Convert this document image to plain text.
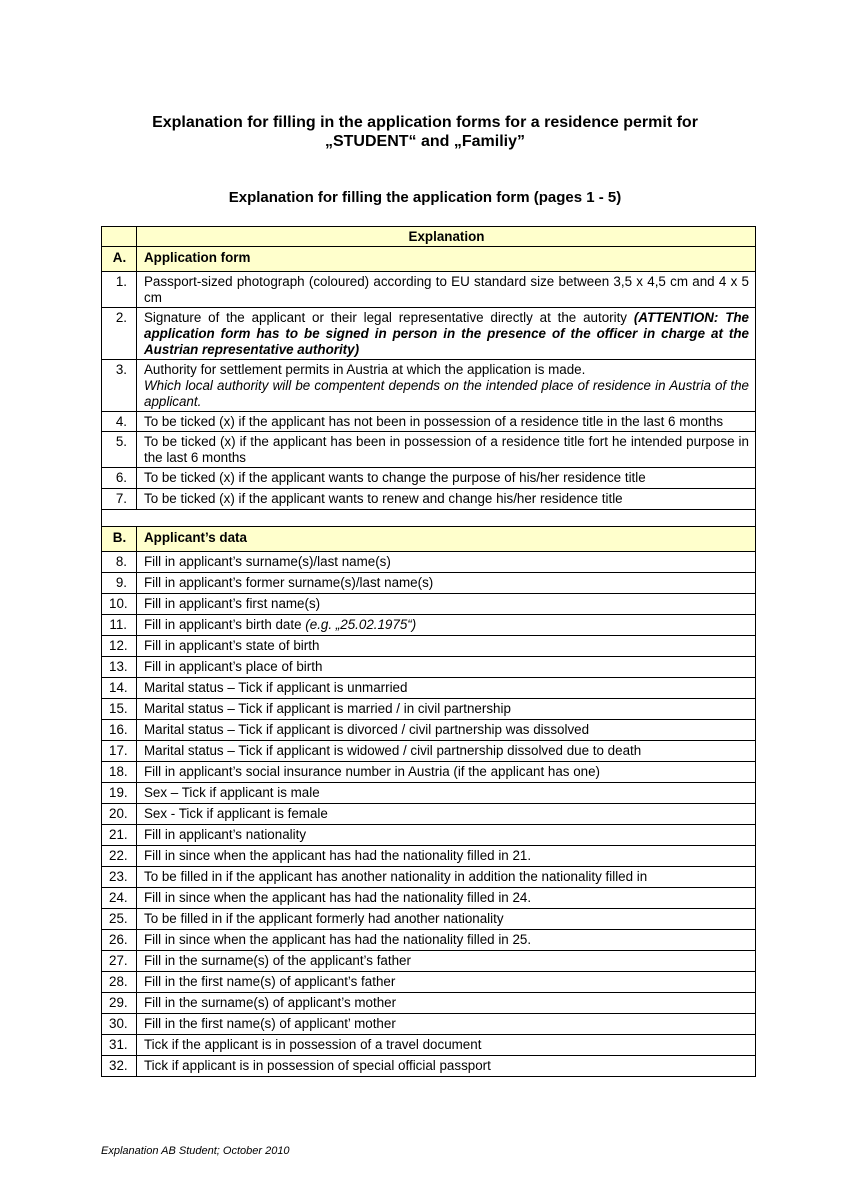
Explanation for filling in the application forms for a residence permit for
„STUDENT“ and „Familiy”
Explanation for filling the application form (pages 1 - 5)
	Explanation
A.	Application form
1.	Passport-sized photograph (coloured) according to EU standard size between 3,5 x 4,5 cm and 4 x 5 cm
2.	Signature of the applicant or their legal representative directly at the autority (ATTENTION: The application form has to be signed in person in the presence of the officer in charge at the Austrian representative authority)
3.	Authority for settlement permits in Austria at which the application is made.
Which local authority will be compentent depends on the intended place of residence in Austria of the applicant.

4.	To be ticked (x) if the applicant has not been in possession of a residence title in the last 6 months
5.	To be ticked (x) if the applicant has been in possession of a residence title fort he intended purpose in the last 6 months
6.	To be ticked (x) if the applicant wants to change the purpose of his/her residence title
7.	To be ticked (x) if the applicant wants to renew and change his/her residence title

B.	Applicant’s data
8.	Fill in applicant’s surname(s)/last name(s)
9.	Fill in applicant’s former surname(s)/last name(s)
10.	Fill in applicant’s first name(s)
11.	Fill in applicant’s birth date (e.g. „25.02.1975“)
12.	Fill in applicant’s state of birth
13.	Fill in applicant’s place of birth
14.	Marital status – Tick if applicant is unmarried
15.	Marital status – Tick if applicant is married / in civil partnership
16.	Marital status – Tick if applicant is divorced / civil partnership was dissolved
17.	Marital status – Tick if applicant is widowed / civil partnership dissolved due to death
18.	Fill in applicant’s social insurance number in Austria (if the applicant has one)
19.	Sex – Tick if applicant is male
20.	Sex - Tick if applicant is female
21.	Fill in applicant’s nationality
22.	Fill in since when the applicant has had the nationality filled in 21.
23.	To be filled in if the applicant has another nationality in addition the nationality filled in
24.	Fill in since when the applicant has had the nationality filled in 24.
25.	To be filled in if the applicant formerly had another nationality
26.	Fill in since when the applicant has had the nationality filled in 25.
27.	Fill in the surname(s) of the applicant’s father
28.	Fill in the first name(s) of applicant’s father
29.	Fill in the surname(s) of applicant’s mother
30.	Fill in the first name(s) of applicant’ mother
31.	Tick if the applicant is in possession of a travel document
32.	Tick if applicant is in possession of special official passport
Explanation AB Student; October 2010
